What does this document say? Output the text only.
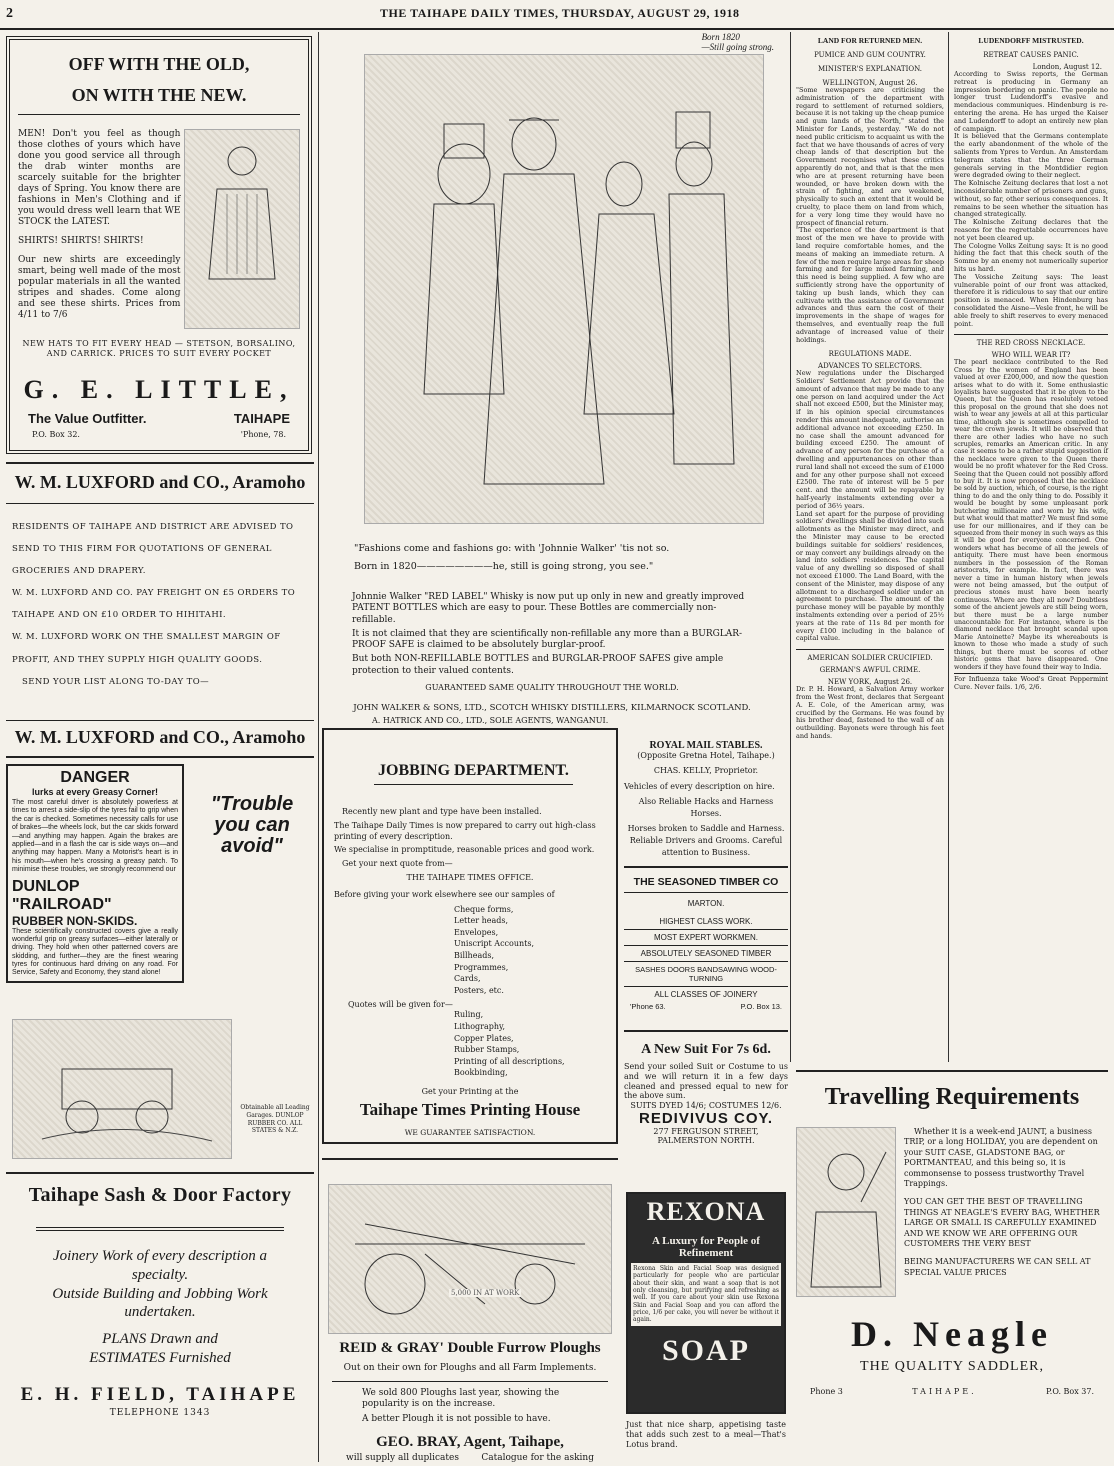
2	THE TAIHAPE DAILY TIMES, THURSDAY, AUGUST 29, 1918
OFF WITH THE OLD,
ON WITH THE NEW.
MEN! Don't you feel as though those clothes of yours which have done you good service all through the drab winter months are scarcely suitable for the brighter days of Spring. You know there are fashions in Men's Clothing and if you would dress well learn that WE STOCK the LATEST.
SHIRTS! SHIRTS! SHIRTS!
Our new shirts are exceedingly smart, being well made of the most popular materials in all the wanted stripes and shades. Come along and see these shirts. Prices from 4/11 to 7/6
NEW HATS TO FIT EVERY HEAD — STETSON, BORSALINO, AND CARRICK. PRICES TO SUIT EVERY POCKET
G. E. LITTLE,
The Value Outfitter.	TAIHAPE
P.O. Box 32.	'Phone, 78.
W. M. LUXFORD and CO., Aramoho
RESIDENTS OF TAIHAPE AND DISTRICT ARE ADVISED TO SEND TO THIS FIRM FOR QUOTATIONS OF GENERAL GROCERIES AND DRAPERY.
W. M. LUXFORD AND CO. PAY FREIGHT ON £5 ORDERS TO TAIHAPE AND ON £10 ORDER TO HIHITAHI.
W. M. LUXFORD WORK ON THE SMALLEST MARGIN OF PROFIT, AND THEY SUPPLY HIGH QUALITY GOODS.
SEND YOUR LIST ALONG TO-DAY TO—
W. M. LUXFORD and CO., Aramoho
DANGER
lurks at every Greasy Corner!
The most careful driver is absolutely powerless at times to arrest a side-slip of the tyres fail to grip when the car is checked. Sometimes necessity calls for use of brakes—the wheels lock, but the car skids forward—and anything may happen. Again the brakes are applied—and in a flash the car is side ways on—and anything may happen. Many a Motorist's heart is in his mouth—when he's crossing a greasy patch. To minimise these troubles, we strongly recommend our
DUNLOP "RAILROAD"
RUBBER NON-SKIDS.
These scientifically constructed covers give a really wonderful grip on greasy surfaces—either laterally or driving. They hold when other patterned covers are skidding, and further—they are the finest wearing tyres for continuous hard driving on any road. For Service, Safety and Economy, they stand alone!
"Trouble you can avoid"
Obtainable all Leading Garages. DUNLOP RUBBER CO. ALL STATES & N.Z.
Taihape Sash & Door Factory
Joinery Work of every description a specialty.
Outside Building and Jobbing Work undertaken.
PLANS Drawn and ESTIMATES Furnished
E. H. FIELD, TAIHAPE
TELEPHONE 1343
Born 1820
—Still going strong.
"Fashions come and fashions go: with 'Johnnie Walker' 'tis not so.
Born in 1820————————he, still is going strong, you see."

Johnnie Walker "RED LABEL" Whisky is now put up only in new and greatly improved PATENT BOTTLES which are easy to pour. These Bottles are commercially non-refillable.

It is not claimed that they are scientifically non-refillable any more than a BURGLAR-PROOF SAFE is claimed to be absolutely burglar-proof.

But both NON-REFILLABLE BOTTLES and BURGLAR-PROOF SAFES give ample protection to their valued contents.

GUARANTEED SAME QUALITY THROUGHOUT THE WORLD.

JOHN WALKER & SONS, LTD., SCOTCH WHISKY DISTILLERS, KILMARNOCK SCOTLAND.

A. HATRICK AND CO., LTD., SOLE AGENTS, WANGANUI.

JOBBING DEPARTMENT.

Recently new plant and type have been installed.

The Taihape Daily Times is now prepared to carry out high-class printing of every description.

We specialise in promptitude, reasonable prices and good work.

Get your next quote from—

THE TAIHAPE TIMES OFFICE.

Before giving your work elsewhere see our samples of

Cheque forms,
Letter heads,
Envelopes,
Uniscript Accounts,
Billheads,
Programmes,
Cards,
Posters, etc.
Quotes will be given for—
Ruling,
Lithography,
Copper Plates,
Rubber Stamps,
Printing of all descriptions,
Bookbinding,
Get your Printing at the
Taihape Times Printing House
WE GUARANTEE SATISFACTION.
5,000 IN AT WORK
REID & GRAY' Double Furrow Ploughs

Out on their own for Ploughs and all Farm Implements.

We sold 800 Ploughs last year, showing the popularity is on the increase.

A better Plough it is not possible to have.

GEO. BRAY, Agent, Taihape,
will supply all duplicates Catalogue for the asking
ROYAL MAIL STABLES.
(Opposite Gretna Hotel, Taihape.)
CHAS. KELLY, Proprietor.

Vehicles of every description on hire.

Also Reliable Hacks and Harness Horses.

Horses broken to Saddle and Harness. Reliable Drivers and Grooms. Careful attention to Business.

THE SEASONED TIMBER CO
MARTON.
HIGHEST CLASS WORK.
MOST EXPERT WORKMEN.
ABSOLUTELY SEASONED TIMBER
SASHES DOORS BANDSAWING WOOD-TURNING
ALL CLASSES OF JOINERY
'Phone 63.	P.O. Box 13.
A New Suit For 7s 6d.
Send your soiled Suit or Costume to us and we will return it in a few days cleaned and pressed equal to new for the above sum.
SUITS DYED 14/6; COSTUMES 12/6.
REDIVIVUS COY.
277 FERGUSON STREET,
PALMERSTON NORTH.
REXONA
A Luxury for People of Refinement
Rexona Skin and Facial Soap was designed particularly for people who are particular about their skin, and want a soap that is not only cleansing, but purifying and refreshing as well. If you care about your skin use Rexona Skin and Facial Soap and you can afford the price, 1/6 per cake, you will never be without it again.
SOAP
Just that nice sharp, appetising taste that adds such zest to a meal—That's Lotus brand.
LAND FOR RETURNED MEN.
PUMICE AND GUM COUNTRY.
MINISTER'S EXPLANATION.
WELLINGTON, August 26.
"Some newspapers are criticising the administration of the department with regard to settlement of returned soldiers, because it is not taking up the cheap pumice and gum lands of the North," stated the Minister for Lands, yesterday. "We do not need public criticism to acquaint us with the fact that we have thousands of acres of very cheap lands of that description but the Government recognises what these critics apparently do not, and that is that the men who are at present returning have been wounded, or have broken down with the strain of fighting, and are weakened, physically to such an extent that it would be cruelty, to place them on land from which, for a very long time they would have no prospect of financial return.
"The experience of the department is that most of the men we have to provide with land require comfortable homes, and the means of making an immediate return. A few of the men require large areas for sheep farming and for large mixed farming, and this need is being supplied. A few who are sufficiently strong have the opportunity of taking up bush lands, which they can cultivate with the assistance of Government advances and thus earn the cost of their improvements in the shape of wages for themselves, and eventually reap the full advantage of increased value of their holdings.
REGULATIONS MADE.
ADVANCES TO SELECTORS.
New regulations under the Discharged Soldiers' Settlement Act provide that the amount of advance that may be made to any one person on land acquired under the Act shall not exceed £500, but the Minister may, if in his opinion special circumstances render this amount inadequate, authorise an additional advance not exceeding £250. In no case shall the amount advanced for building exceed £250. The amount of advance of any person for the purchase of a dwelling and appurtenances on other than rural land shall not exceed the sum of £1000 and for any other purpose shall not exceed £2500. The rate of interest will be 5 per cent. and the amount will be repayable by half-yearly instalments extending over a period of 36½ years.
Land set apart for the purpose of providing soldiers' dwellings shall be divided into such allotments as the Minister may direct, and the Minister may cause to be erected buildings suitable for soldiers' residences, or may convert any buildings already on the land into soldiers' residences. The capital value of any dwelling so disposed of shall not exceed £1000. The Land Board, with the consent of the Minister, may dispose of any allotment to a discharged soldier under an agreement to purchase. The amount of the purchase money will be payable by monthly instalments extending over a period of 25½ years at the rate of 11s 8d per month for every £100 including in the balance of capital value.
AMERICAN SOLDIER CRUCIFIED.
GERMAN'S AWFUL CRIME.
NEW YORK, August 26.
Dr. P. H. Howard, a Salvation Army worker from the West front, declares that Sergeant A. E. Cole, of the American army, was crucified by the Germans. He was found by his brother dead, fastened to the wall of an outbuilding. Bayonets were through his feet and hands.
LUDENDORFF MISTRUSTED.
RETREAT CAUSES PANIC.
London, August 12.
According to Swiss reports, the German retreat is producing in Germany an impression bordering on panic. The people no longer trust Ludendorff's evasive and mendacious communiques. Hindenburg is re-entering the arena. He has urged the Kaiser and Ludendorff to adopt an entirely new plan of campaign.
It is believed that the Germans contemplate the early abandonment of the whole of the salients from Ypres to Verdun. An Amsterdam telegram states that the three German generals serving in the Montdidier region were degraded owing to their neglect.
The Kolnische Zeitung declares that lost a not inconsiderable number of prisoners and guns, without, so far, other serious consequences. It remains to be seen whether the situation has changed strategically.
The Kolnische Zeitung declares that the reasons for the regrettable occurrences have not yet been cleared up.
The Cologne Volks Zeitung says: It is no good hiding the fact that this check south of the Somme by an enemy not numerically superior hits us hard.
The Vossiche Zeitung says: The least vulnerable point of our front was attacked, therefore it is ridiculous to say that our entire position is menaced. When Hindenburg has consolidated the Aisne—Vesle front, he will be able freely to shift reserves to every menaced point.
THE RED CROSS NECKLACE.
WHO WILL WEAR IT?
The pearl necklace contributed to the Red Cross by the women of England has been valued at over £200,000, and now the question arises what to do with it. Some enthusiastic loyalists have suggested that it be given to the Queen, but the Queen has resolutely vetoed this proposal on the ground that she does not wish to wear any jewels at all at this particular time, although she is sometimes compelled to wear the crown jewels. It will be observed that there are other ladies who have no such scruples, remarks an American critic. In any case it seems to be a rather stupid suggestion if the necklace were given to the Queen there would be no profit whatever for the Red Cross. Seeing that the Queen could not possibly afford to buy it. It is now proposed that the necklace be sold by auction, which, of course, is the right thing to do and the only thing to do. Possibly it would be bought by some unpleasant pork butchering millionaire and worn by his wife, but what would that matter? We must find some use for our millionaires, and if they can be squeezed from their money in such ways as this it will be good for everyone concerned. One wonders what has become of all the jewels of antiquity. There must have been enormous numbers in the possession of the Roman aristocrats, for example. In fact, there was never a time in human history when jewels were not being amassed, but the output of precious stones must have been nearly continuous. Where are they all now? Doubtless some of the ancient jewels are still being worn, but there must be a large number unaccountable for. For instance, where is the diamond necklace that brought scandal upon Marie Antoinette? Maybe its whereabouts is known to those who made a study of such things, but there must be scores of other historic gems that have disappeared. One wonders if they have found their way to India.
For Influenza take Wood's Great Peppermint Cure. Never fails. 1/6, 2/6.
Travelling Requirements

Whether it is a week-end JAUNT, a business TRIP, or a long HOLIDAY, you are dependent on your SUIT CASE, GLADSTONE BAG, or PORTMANTEAU, and this being so, it is commonsense to possess trustworthy Travel Trappings.

YOU CAN GET THE BEST OF TRAVELLING THINGS AT NEAGLE'S EVERY BAG, WHETHER LARGE OR SMALL IS CAREFULLY EXAMINED AND WE KNOW WE ARE OFFERING OUR CUSTOMERS THE VERY BEST

BEING MANUFACTURERS WE CAN SELL AT SPECIAL VALUE PRICES

D. Neagle
THE QUALITY SADDLER,
Phone 3	TAIHAPE.	P.O. Box 37.
